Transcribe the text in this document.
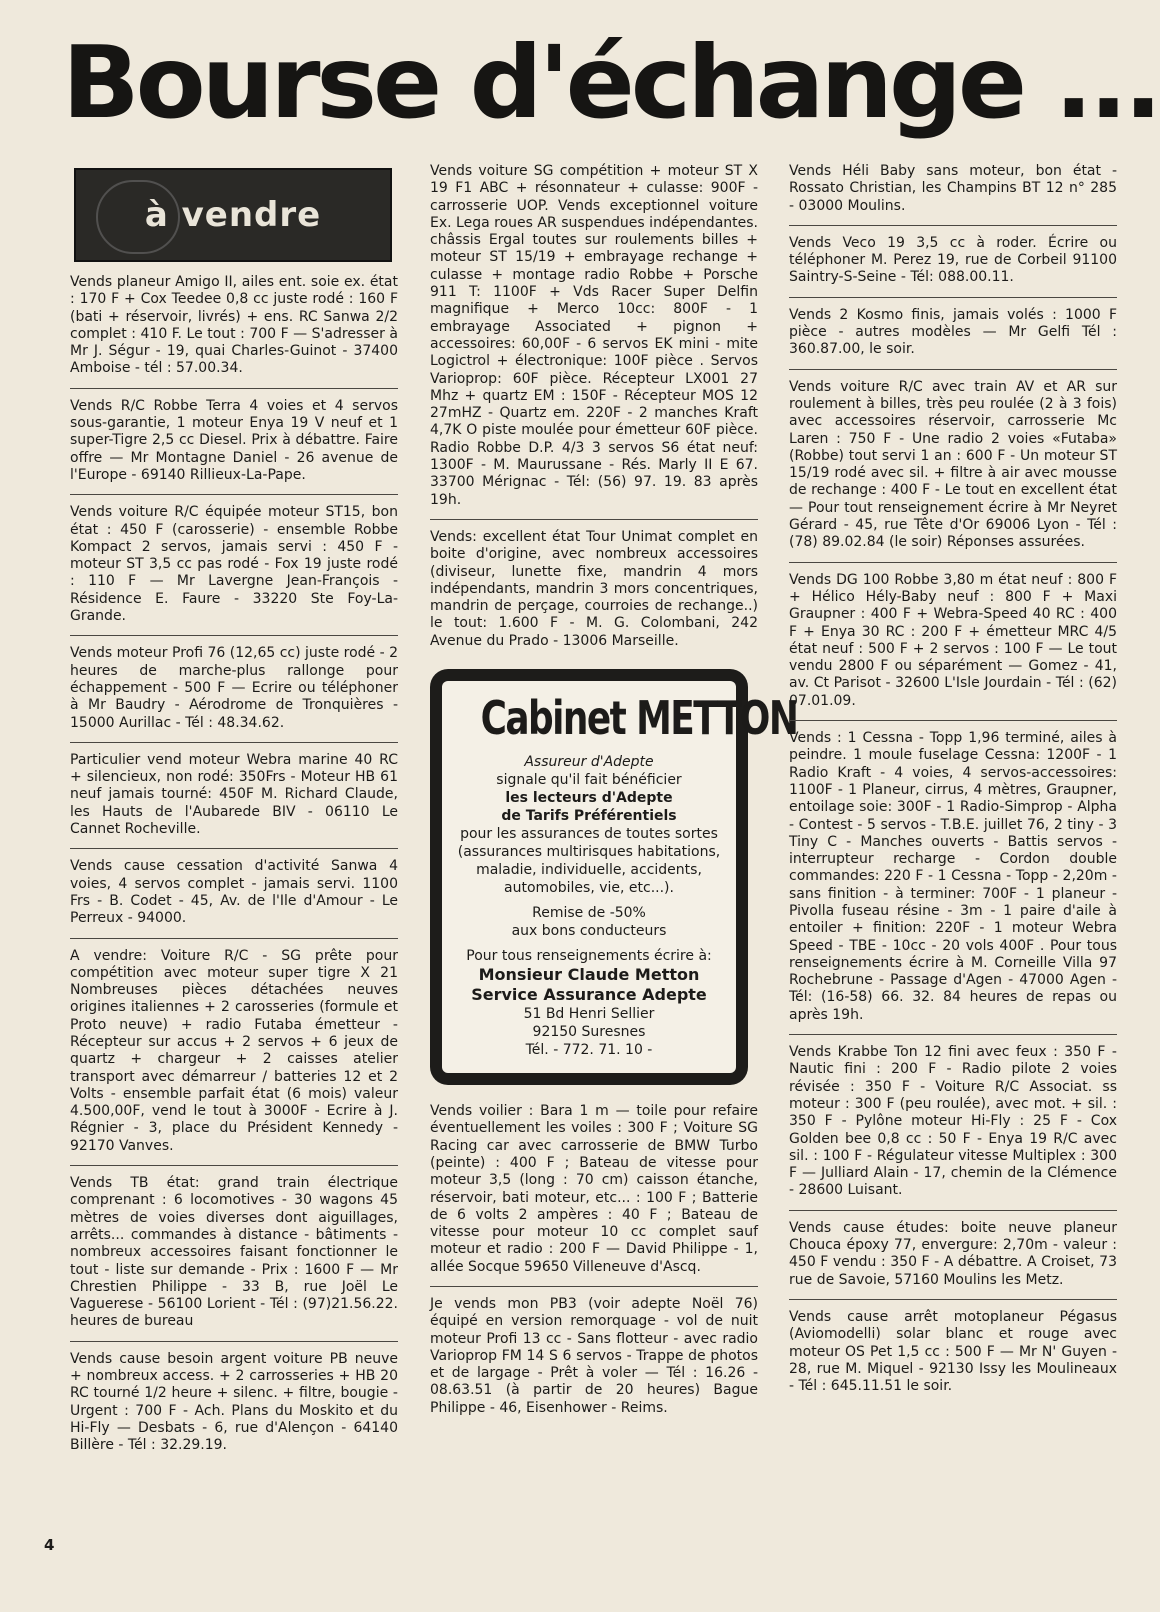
Bourse d'échange ...
à vendre
Vends planeur Amigo II, ailes ent. soie ex. état : 170 F + Cox Teedee 0,8 cc juste rodé : 160 F (bati + réservoir, livrés) + ens. RC Sanwa 2/2 complet : 410 F. Le tout : 700 F — S'adresser à Mr J. Ségur - 19, quai Charles-Guinot - 37400 Amboise - tél : 57.00.34.
Vends R/C Robbe Terra 4 voies et 4 servos sous-garantie, 1 moteur Enya 19 V neuf et 1 super-Tigre 2,5 cc Diesel. Prix à débattre. Faire offre — Mr Montagne Daniel - 26 avenue de l'Europe - 69140 Rillieux-La-Pape.
Vends voiture R/C équipée moteur ST15, bon état : 450 F (carosserie) - ensemble Robbe Kompact 2 servos, jamais servi : 450 F - moteur ST 3,5 cc pas rodé - Fox 19 juste rodé : 110 F — Mr Lavergne Jean-François - Résidence E. Faure - 33220 Ste Foy-La-Grande.
Vends moteur Profi 76 (12,65 cc) juste rodé - 2 heures de marche-plus rallonge pour échappement - 500 F — Ecrire ou téléphoner à Mr Baudry - Aérodrome de Tronquières - 15000 Aurillac - Tél : 48.34.62.
Particulier vend moteur Webra marine 40 RC + silencieux, non rodé: 350Frs - Moteur HB 61 neuf jamais tourné: 450F M. Richard Claude, les Hauts de l'Aubarede BIV - 06110 Le Cannet Rocheville.
Vends cause cessation d'activité Sanwa 4 voies, 4 servos complet - jamais servi. 1100 Frs - B. Codet - 45, Av. de l'Ile d'Amour - Le Perreux - 94000.
A vendre: Voiture R/C - SG prête pour compétition avec moteur super tigre X 21 Nombreuses pièces détachées neuves origines italiennes + 2 carosseries (formule et Proto neuve) + radio Futaba émetteur - Récepteur sur accus + 2 servos + 6 jeux de quartz + chargeur + 2 caisses atelier transport avec démarreur / batteries 12 et 2 Volts - ensemble parfait état (6 mois) valeur 4.500,00F, vend le tout à 3000F - Ecrire à J. Régnier - 3, place du Président Kennedy - 92170 Vanves.
Vends TB état: grand train électrique comprenant : 6 locomotives - 30 wagons 45 mètres de voies diverses dont aiguillages, arrêts... commandes à distance - bâtiments - nombreux accessoires faisant fonctionner le tout - liste sur demande - Prix : 1600 F — Mr Chrestien Philippe - 33 B, rue Joël Le Vaguerese - 56100 Lorient - Tél : (97)21.56.22. heures de bureau
Vends cause besoin argent voiture PB neuve + nombreux access. + 2 carrosseries + HB 20 RC tourné 1/2 heure + silenc. + filtre, bougie - Urgent : 700 F - Ach. Plans du Moskito et du Hi-Fly — Desbats - 6, rue d'Alençon - 64140 Billère - Tél : 32.29.19.
Vends voiture SG compétition + moteur ST X 19 F1 ABC + résonnateur + culasse: 900F - carrosserie UOP. Vends exceptionnel voiture Ex. Lega roues AR suspendues indépendantes. châssis Ergal toutes sur roulements billes + moteur ST 15/19 + embrayage rechange + culasse + montage radio Robbe + Porsche 911 T: 1100F + Vds Racer Super Delfin magnifique + Merco 10cc: 800F - 1 embrayage Associated + pignon + accessoires: 60,00F - 6 servos EK mini - mite Logictrol + électronique: 100F pièce . Servos Varioprop: 60F pièce. Récepteur LX001 27 Mhz + quartz EM : 150F - Récepteur MOS 12 27mHZ - Quartz em. 220F - 2 manches Kraft 4,7K O piste moulée pour émetteur 60F pièce. Radio Robbe D.P. 4/3 3 servos S6 état neuf: 1300F - M. Maurussane - Rés. Marly II E 67. 33700 Mérignac - Tél: (56) 97. 19. 83 après 19h.
Vends: excellent état Tour Unimat complet en boite d'origine, avec nombreux accessoires (diviseur, lunette fixe, mandrin 4 mors indépendants, mandrin 3 mors concentriques, mandrin de perçage, courroies de rechange..) le tout: 1.600 F - M. G. Colombani, 242 Avenue du Prado - 13006 Marseille.
Cabinet METTON
Assureur d'Adepte
signale qu'il fait bénéficier
les lecteurs d'Adepte
de Tarifs Préférentiels
pour les assurances de toutes sortes (assurances multirisques habitations, maladie, individuelle, accidents, automobiles, vie, etc...).
Remise de -50%
aux bons conducteurs
Pour tous renseignements écrire à:
Monsieur Claude Metton
Service Assurance Adepte
51 Bd Henri Sellier
92150 Suresnes
Tél. - 772. 71. 10 -
Vends voilier : Bara 1 m — toile pour refaire éventuellement les voiles : 300 F ; Voiture SG Racing car avec carrosserie de BMW Turbo (peinte) : 400 F ; Bateau de vitesse pour moteur 3,5 (long : 70 cm) caisson étanche, réservoir, bati moteur, etc... : 100 F ; Batterie de 6 volts 2 ampères : 40 F ; Bateau de vitesse pour moteur 10 cc complet sauf moteur et radio : 200 F — David Philippe - 1, allée Socque 59650 Villeneuve d'Ascq.
Je vends mon PB3 (voir adepte Noël 76) équipé en version remorquage - vol de nuit moteur Profi 13 cc - Sans flotteur - avec radio Varioprop FM 14 S 6 servos - Trappe de photos et de largage - Prêt à voler — Tél : 16.26 - 08.63.51 (à partir de 20 heures) Bague Philippe - 46, Eisenhower - Reims.
Vends Héli Baby sans moteur, bon état - Rossato Christian, les Champins BT 12 n° 285 - 03000 Moulins.
Vends Veco 19 3,5 cc à roder. Écrire ou téléphoner M. Perez 19, rue de Corbeil 91100 Saintry-S-Seine - Tél: 088.00.11.
Vends 2 Kosmo finis, jamais volés : 1000 F pièce - autres modèles — Mr Gelfi Tél : 360.87.00, le soir.
Vends voiture R/C avec train AV et AR sur roulement à billes, très peu roulée (2 à 3 fois) avec accessoires réservoir, carrosserie Mc Laren : 750 F - Une radio 2 voies «Futaba» (Robbe) tout servi 1 an : 600 F - Un moteur ST 15/19 rodé avec sil. + filtre à air avec mousse de rechange : 400 F - Le tout en excellent état — Pour tout renseignement écrire à Mr Neyret Gérard - 45, rue Tête d'Or 69006 Lyon - Tél : (78) 89.02.84 (le soir) Réponses assurées.
Vends DG 100 Robbe 3,80 m état neuf : 800 F + Hélico Hély-Baby neuf : 800 F + Maxi Graupner : 400 F + Webra-Speed 40 RC : 400 F + Enya 30 RC : 200 F + émetteur MRC 4/5 état neuf : 500 F + 2 servos : 100 F — Le tout vendu 2800 F ou séparément — Gomez - 41, av. Ct Parisot - 32600 L'Isle Jourdain - Tél : (62) 07.01.09.
Vends : 1 Cessna - Topp 1,96 terminé, ailes à peindre. 1 moule fuselage Cessna: 1200F - 1 Radio Kraft - 4 voies, 4 servos-accessoires: 1100F - 1 Planeur, cirrus, 4 mètres, Graupner, entoilage soie: 300F - 1 Radio-Simprop - Alpha - Contest - 5 servos - T.B.E. juillet 76, 2 tiny - 3 Tiny C - Manches ouverts - Battis servos - interrupteur recharge - Cordon double commandes: 220 F - 1 Cessna - Topp - 2,20m - sans finition - à terminer: 700F - 1 planeur - Pivolla fuseau résine - 3m - 1 paire d'aile à entoiler + finition: 220F - 1 moteur Webra Speed - TBE - 10cc - 20 vols 400F . Pour tous renseignements écrire à M. Corneille Villa 97 Rochebrune - Passage d'Agen - 47000 Agen - Tél: (16-58) 66. 32. 84 heures de repas ou après 19h.
Vends Krabbe Ton 12 fini avec feux : 350 F - Nautic fini : 200 F - Radio pilote 2 voies révisée : 350 F - Voiture R/C Associat. ss moteur : 300 F (peu roulée), avec mot. + sil. : 350 F - Pylône moteur Hi-Fly : 25 F - Cox Golden bee 0,8 cc : 50 F - Enya 19 R/C avec sil. : 100 F - Régulateur vitesse Multiplex : 300 F — Julliard Alain - 17, chemin de la Clémence - 28600 Luisant.
Vends cause études: boite neuve planeur Chouca époxy 77, envergure: 2,70m - valeur : 450 F vendu : 350 F - A débattre. A Croiset, 73 rue de Savoie, 57160 Moulins les Metz.
Vends cause arrêt motoplaneur Pégasus (Aviomodelli) solar blanc et rouge avec moteur OS Pet 1,5 cc : 500 F — Mr N' Guyen - 28, rue M. Miquel - 92130 Issy les Moulineaux - Tél : 645.11.51 le soir.
4
